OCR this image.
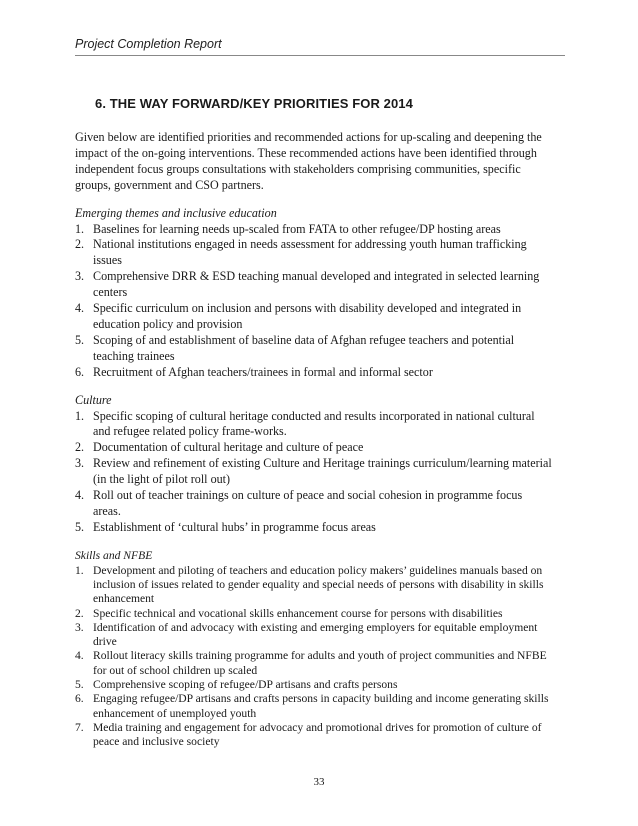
Project Completion Report
6. THE WAY FORWARD/KEY PRIORITIES FOR 2014

Given below are identified priorities and recommended actions for up-scaling and deepening the impact of the on-going interventions. These recommended actions have been identified through independent focus groups consultations with stakeholders comprising communities, specific groups, government and CSO partners.

Emerging themes and inclusive education

1. Baselines for learning needs up-scaled from FATA to other refugee/DP hosting areas
2. National institutions engaged in needs assessment for addressing youth human trafficking issues
3. Comprehensive DRR & ESD teaching manual developed and integrated in selected learning centers
4. Specific curriculum on inclusion and persons with disability developed and integrated in education policy and provision
5. Scoping of and establishment of baseline data of Afghan refugee teachers and potential teaching trainees
6. Recruitment of Afghan teachers/trainees in formal and informal sector

Culture

1. Specific scoping of cultural heritage conducted and results incorporated in national cultural and refugee related policy frame-works.
2. Documentation of cultural heritage and culture of peace
3. Review and refinement of existing Culture and Heritage trainings curriculum/learning material (in the light of pilot roll out)
4. Roll out of teacher trainings on culture of peace and social cohesion in programme focus areas.
5. Establishment of ‘cultural hubs’ in programme focus areas

Skills and NFBE

1. Development and piloting of teachers and education policy makers’ guidelines manuals based on inclusion of issues related to gender equality and special needs of persons with disability in skills enhancement
2. Specific technical and vocational skills enhancement course for persons with disabilities
3. Identification of and advocacy with existing and emerging employers for equitable employment drive
4. Rollout literacy skills training programme for adults and youth of project communities and NFBE for out of school children up scaled
5. Comprehensive scoping of refugee/DP artisans and crafts persons
6. Engaging refugee/DP artisans and crafts persons in capacity building and income generating skills enhancement of unemployed youth
7. Media training and engagement for advocacy and promotional drives for promotion of culture of peace and inclusive society
33
